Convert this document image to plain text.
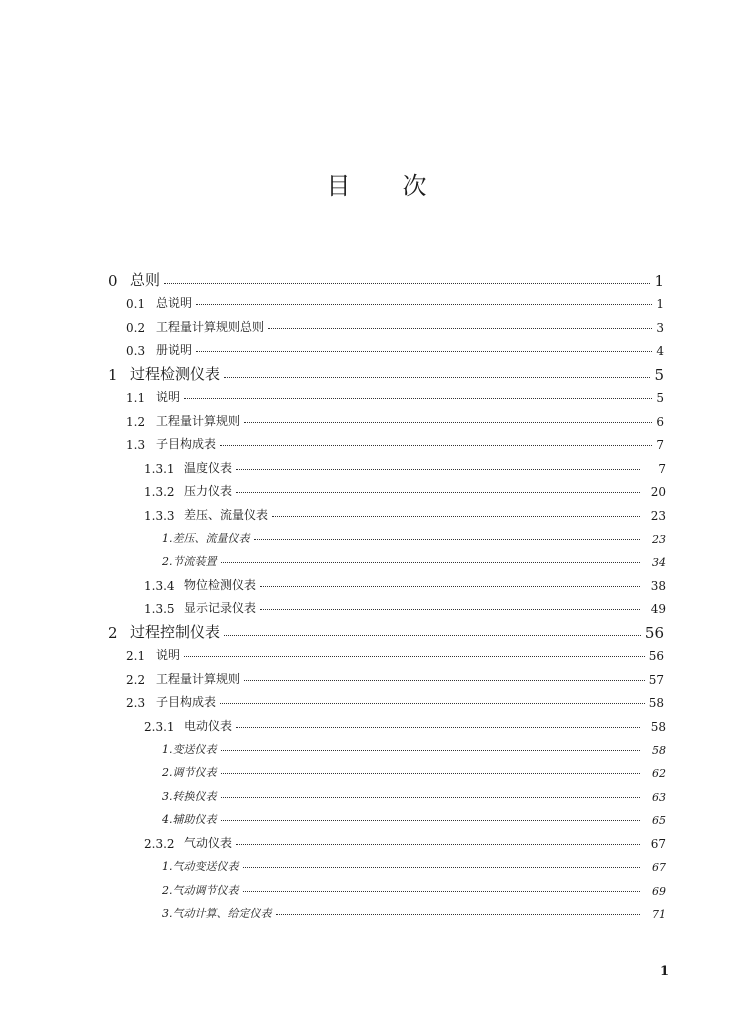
目 次
0 总则	1
0.1 总说明	1
0.2 工程量计算规则总则	3
0.3 册说明	4
1 过程检测仪表	5
1.1 说明	5
1.2 工程量计算规则	6
1.3 子目构成表	7
1.3.1 温度仪表	7
1.3.2 压力仪表	20
1.3.3 差压、流量仪表	23
1.差压、流量仪表	23
2.节流装置	34
1.3.4 物位检测仪表	38
1.3.5 显示记录仪表	49
2 过程控制仪表	56
2.1 说明	56
2.2 工程量计算规则	57
2.3 子目构成表	58
2.3.1 电动仪表	58
1.变送仪表	58
2.调节仪表	62
3.转换仪表	63
4.辅助仪表	65
2.3.2 气动仪表	67
1.气动变送仪表	67
2.气动调节仪表	69
3.气动计算、给定仪表	71
1
